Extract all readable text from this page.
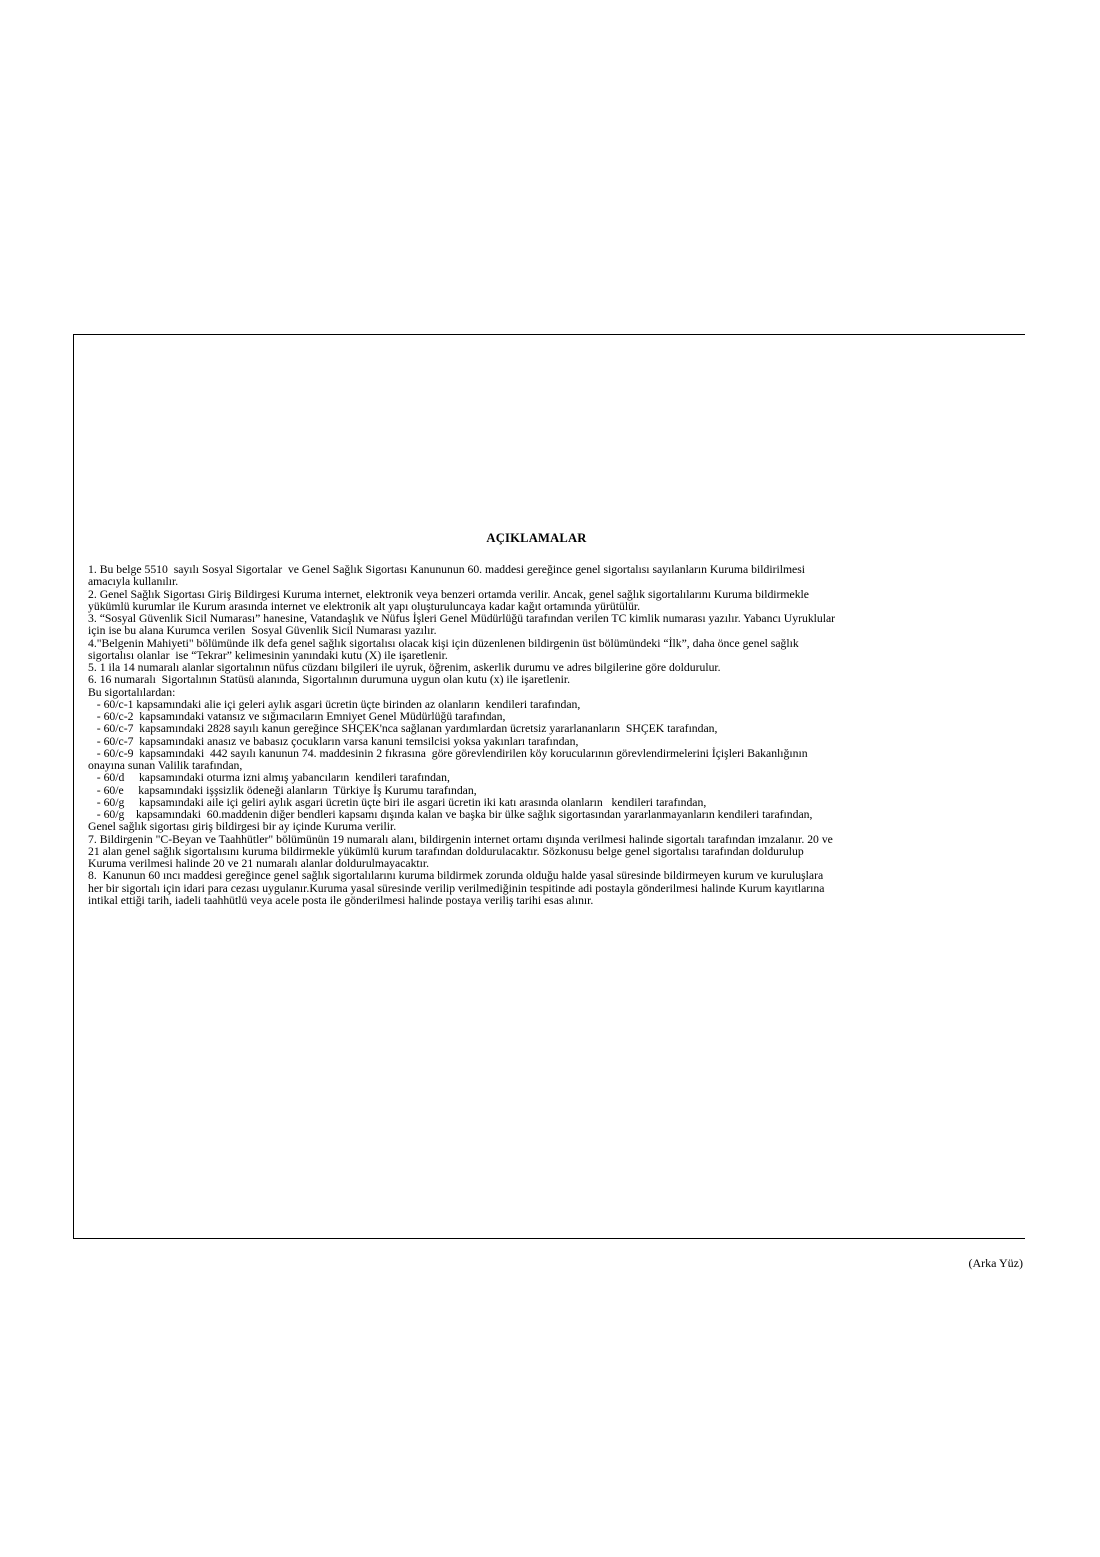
AÇIKLAMALAR
1. Bu belge 5510  sayılı Sosyal Sigortalar  ve Genel Sağlık Sigortası Kanununun 60. maddesi gereğince genel sigortalısı sayılanların Kuruma bildirilmesi
amacıyla kullanılır.
2. Genel Sağlık Sigortası Giriş Bildirgesi Kuruma internet, elektronik veya benzeri ortamda verilir. Ancak, genel sağlık sigortalılarını Kuruma bildirmekle
yükümlü kurumlar ile Kurum arasında internet ve elektronik alt yapı oluşturuluncaya kadar kağıt ortamında yürütülür.
3. “Sosyal Güvenlik Sicil Numarası” hanesine, Vatandaşlık ve Nüfus İşleri Genel Müdürlüğü tarafından verilen TC kimlik numarası yazılır. Yabancı Uyruklular
için ise bu alana Kurumca verilen  Sosyal Güvenlik Sicil Numarası yazılır.
4."Belgenin Mahiyeti" bölümünde ilk defa genel sağlık sigortalısı olacak kişi için düzenlenen bildirgenin üst bölümündeki “İlk”, daha önce genel sağlık
sigortalısı olanlar  ise “Tekrar” kelimesinin yanındaki kutu (X) ile işaretlenir.
5. 1 ila 14 numaralı alanlar sigortalının nüfus cüzdanı bilgileri ile uyruk, öğrenim, askerlik durumu ve adres bilgilerine göre doldurulur.
6. 16 numaralı  Sigortalının Statüsü alanında, Sigortalının durumuna uygun olan kutu (x) ile işaretlenir.
Bu sigortalılardan:
- 60/c-1 kapsamındaki alie içi geleri aylık asgari ücretin üçte birinden az olanların  kendileri tarafından,
- 60/c-2  kapsamındaki vatansız ve sığımacıların Emniyet Genel Müdürlüğü tarafından,
- 60/c-7  kapsamındaki 2828 sayılı kanun gereğince SHÇEK'nca sağlanan yardımlardan ücretsiz yararlananların  SHÇEK tarafından,
- 60/c-7  kapsamındaki anasız ve babasız çocukların varsa kanuni temsilcisi yoksa yakınları tarafından,
- 60/c-9  kapsamındaki  442 sayılı kanunun 74. maddesinin 2 fıkrasına  göre görevlendirilen köy korucularının görevlendirmelerini İçişleri Bakanlığının
onayına sunan Valilik tarafından,
- 60/d     kapsamındaki oturma izni almış yabancıların  kendileri tarafından,
- 60/e     kapsamındaki işşsizlik ödeneği alanların  Türkiye İş Kurumu tarafından,
- 60/g     kapsamındaki aile içi geliri aylık asgari ücretin üçte biri ile asgari ücretin iki katı arasında olanların   kendileri tarafından,
- 60/g    kapsamındaki  60.maddenin diğer bendleri kapsamı dışında kalan ve başka bir ülke sağlık sigortasından yararlanmayanların kendileri tarafından,
Genel sağlık sigortası giriş bildirgesi bir ay içinde Kuruma verilir.
7. Bildirgenin "C-Beyan ve Taahhütler" bölümünün 19 numaralı alanı, bildirgenin internet ortamı dışında verilmesi halinde sigortalı tarafından imzalanır. 20 ve
21 alan genel sağlık sigortalısını kuruma bildirmekle yükümlü kurum tarafından doldurulacaktır. Sözkonusu belge genel sigortalısı tarafından doldurulup
Kuruma verilmesi halinde 20 ve 21 numaralı alanlar doldurulmayacaktır.
8.  Kanunun 60 ıncı maddesi gereğince genel sağlık sigortalılarını kuruma bildirmek zorunda olduğu halde yasal süresinde bildirmeyen kurum ve kuruluşlara
her bir sigortalı için idari para cezası uygulanır.Kuruma yasal süresinde verilip verilmediğinin tespitinde adi postayla gönderilmesi halinde Kurum kayıtlarına
intikal ettiği tarih, iadeli taahhütlü veya acele posta ile gönderilmesi halinde postaya veriliş tarihi esas alınır.
(Arka Yüz)
